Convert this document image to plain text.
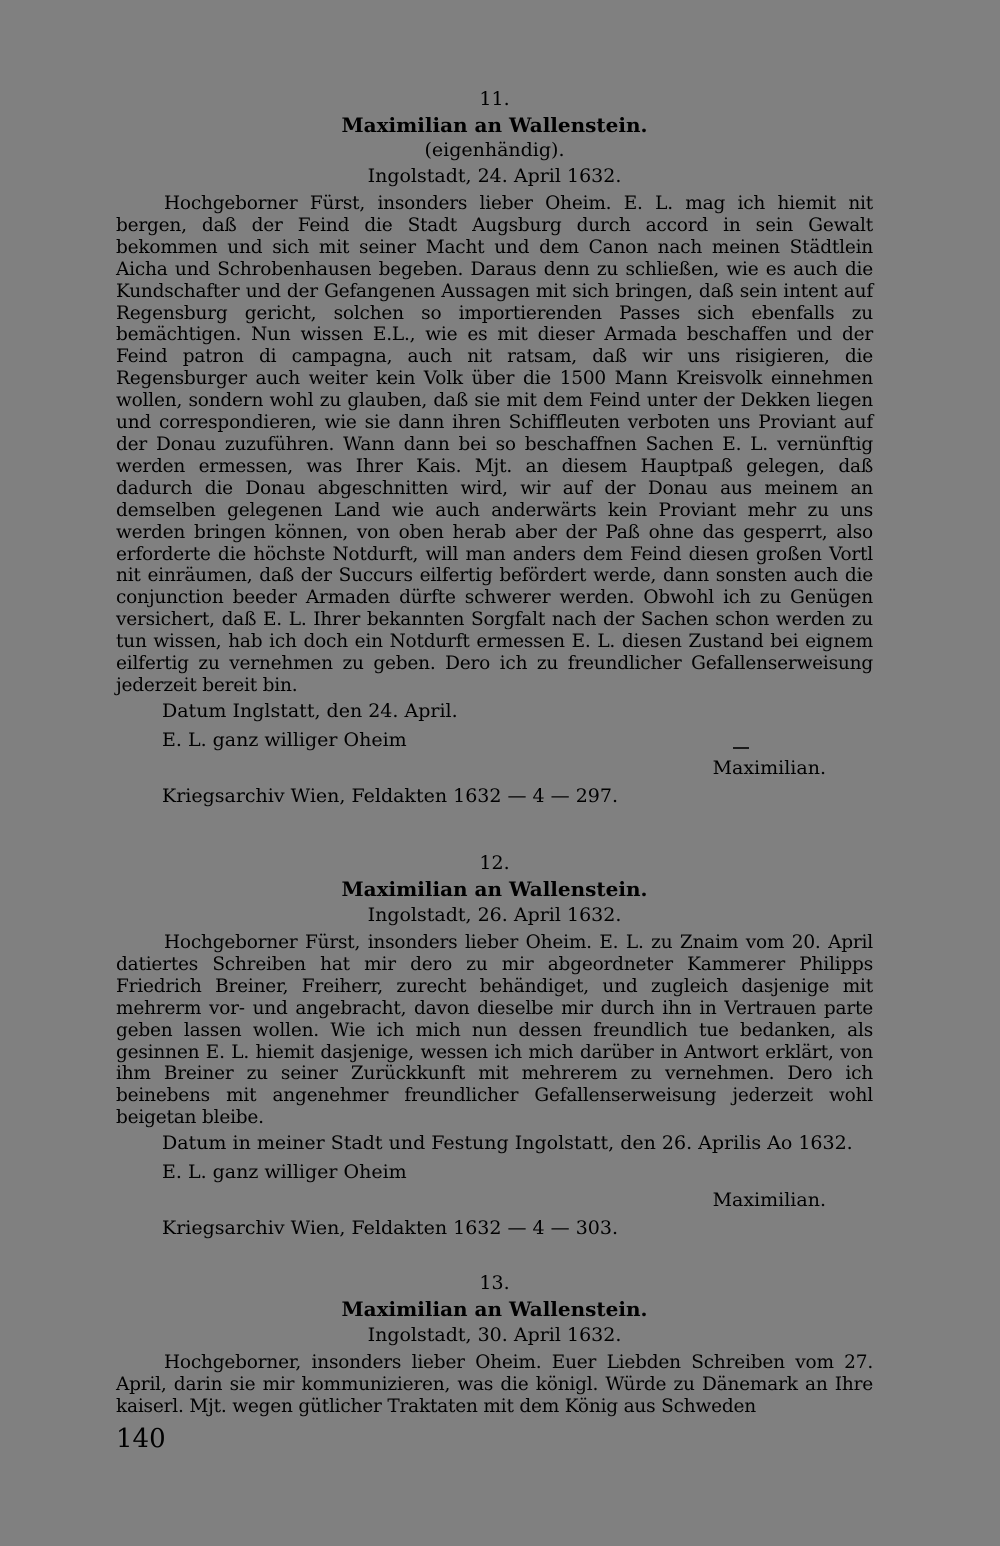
11.

Maximilian an Wallenstein.

(eigenhändig).

Ingolstadt, 24. April 1632.

Hochgeborner Fürst, insonders lieber Oheim. E. L. mag ich hiemit nit bergen, daß der Feind die Stadt Augsburg durch accord in sein Gewalt bekommen und sich mit seiner Macht und dem Canon nach meinen Städtlein Aicha und Schrobenhausen begeben. Daraus denn zu schließen, wie es auch die Kundschafter und der Gefangenen Aussagen mit sich bringen, daß sein intent auf Regensburg gericht, solchen so importierenden Passes sich ebenfalls zu bemächtigen. Nun wissen E.L., wie es mit dieser Armada beschaffen und der Feind patron di campagna, auch nit ratsam, daß wir uns risigieren, die Regensburger auch weiter kein Volk über die 1500 Mann Kreisvolk einnehmen wollen, sondern wohl zu glauben, daß sie mit dem Feind unter der Dekken liegen und correspondieren, wie sie dann ihren Schiffleuten verboten uns Proviant auf der Donau zuzuführen. Wann dann bei so beschaffnen Sachen E. L. vernünftig werden ermessen, was Ihrer Kais. Mjt. an diesem Hauptpaß gelegen, daß dadurch die Donau abgeschnitten wird, wir auf der Donau aus meinem an demselben gelegenen Land wie auch anderwärts kein Proviant mehr zu uns werden bringen können, von oben herab aber der Paß ohne das gesperrt, also erforderte die höchste Notdurft, will man anders dem Feind diesen großen Vortl nit einräumen, daß der Succurs eilfertig befördert werde, dann sonsten auch die conjunction beeder Armaden dürfte schwerer werden. Obwohl ich zu Genügen versichert, daß E. L. Ihrer bekannten Sorgfalt nach der Sachen schon werden zu tun wissen, hab ich doch ein Notdurft ermessen E. L. diesen Zustand bei eignem eilfertig zu vernehmen zu geben. Dero ich zu freundlicher Gefallenserweisung jederzeit bereit bin.

Datum Inglstatt, den 24. April.

E. L. ganz williger Oheim

Maximilian.

Kriegsarchiv Wien, Feldakten 1632 — 4 — 297.

12.

Maximilian an Wallenstein.

Ingolstadt, 26. April 1632.

Hochgeborner Fürst, insonders lieber Oheim. E. L. zu Znaim vom 20. April datiertes Schreiben hat mir dero zu mir abgeordneter Kammerer Philipps Friedrich Breiner, Freiherr, zurecht behändiget, und zugleich dasjenige mit mehrerm vor- und angebracht, davon dieselbe mir durch ihn in Vertrauen parte geben lassen wollen. Wie ich mich nun dessen freundlich tue bedanken, als gesinnen E. L. hiemit dasjenige, wessen ich mich darüber in Antwort erklärt, von ihm Breiner zu seiner Zurückkunft mit mehrerem zu vernehmen. Dero ich beinebens mit angenehmer freundlicher Gefallenserweisung jederzeit wohl beigetan bleibe.

Datum in meiner Stadt und Festung Ingolstatt, den 26. Aprilis Ao 1632.

E. L. ganz williger Oheim

Maximilian.

Kriegsarchiv Wien, Feldakten 1632 — 4 — 303.

13.

Maximilian an Wallenstein.

Ingolstadt, 30. April 1632.

Hochgeborner, insonders lieber Oheim. Euer Liebden Schreiben vom 27. April, darin sie mir kommunizieren, was die königl. Würde zu Dänemark an Ihre kaiserl. Mjt. wegen gütlicher Traktaten mit dem König aus Schweden

140
